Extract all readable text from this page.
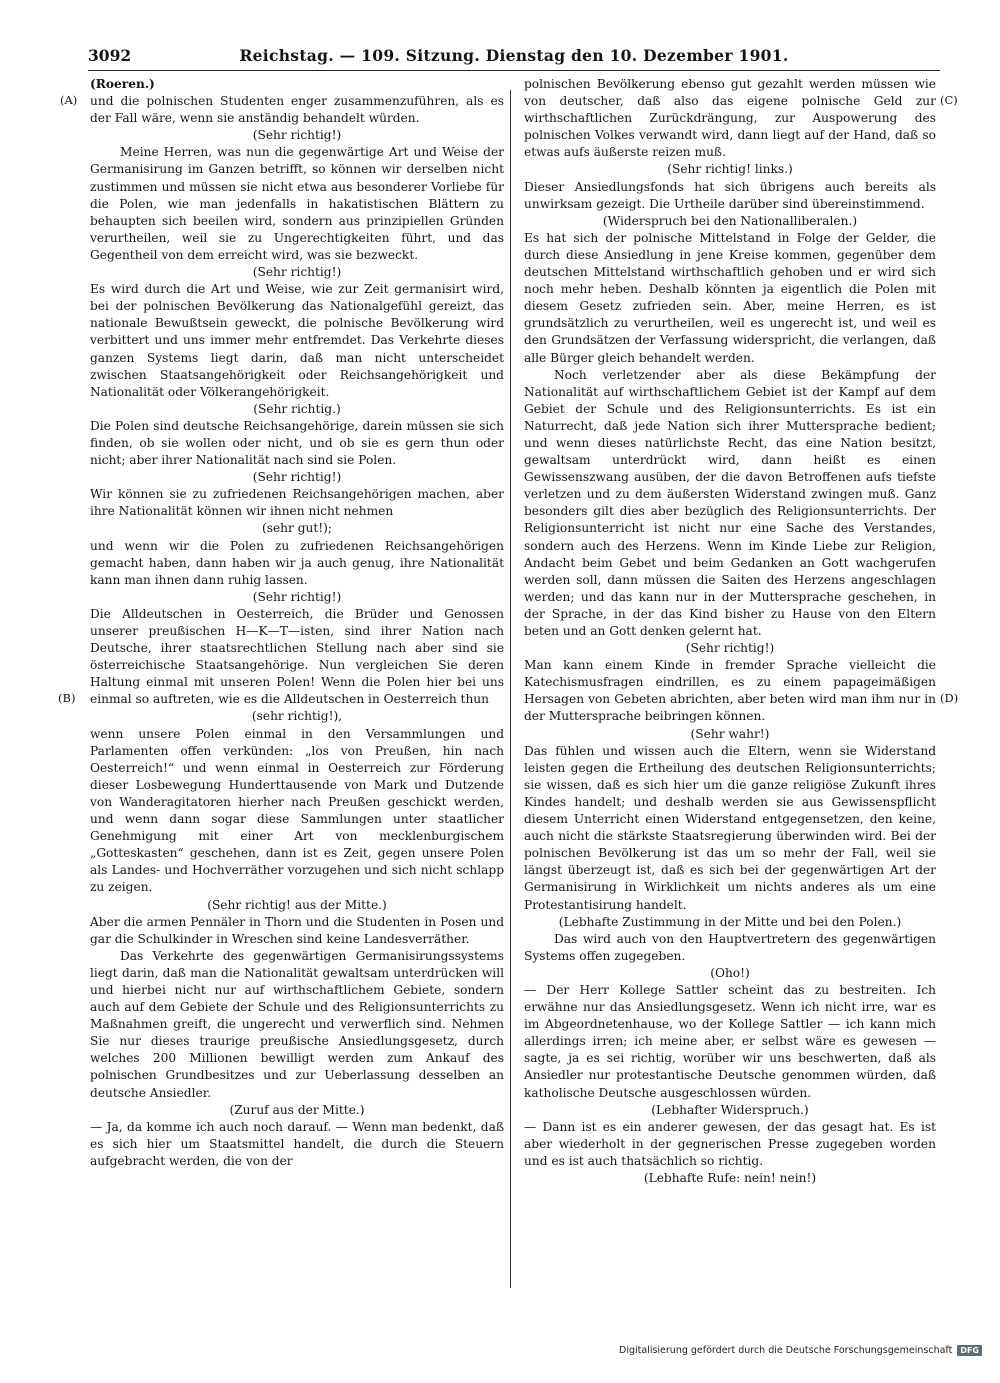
3092	Reichstag. — 109. Sitzung. Dienstag den 10. Dezember 1901.
(A)
(B)
(C)
(D)

(Roeren.)

und die polnischen Studenten enger zusammenzuführen, als es der Fall wäre, wenn sie anständig behandelt würden.

(Sehr richtig!)

Meine Herren, was nun die gegenwärtige Art und Weise der Germanisirung im Ganzen betrifft, so können wir derselben nicht zustimmen und müssen sie nicht etwa aus besonderer Vorliebe für die Polen, wie man jedenfalls in hakatistischen Blättern zu behaupten sich beeilen wird, sondern aus prinzipiellen Gründen verurtheilen, weil sie zu Ungerechtigkeiten führt, und das Gegentheil von dem erreicht wird, was sie bezweckt.

(Sehr richtig!)

Es wird durch die Art und Weise, wie zur Zeit germanisirt wird, bei der polnischen Bevölkerung das Nationalgefühl gereizt, das nationale Bewußtsein geweckt, die polnische Bevölkerung wird verbittert und uns immer mehr entfremdet. Das Verkehrte dieses ganzen Systems liegt darin, daß man nicht unterscheidet zwischen Staatsangehörigkeit oder Reichsangehörigkeit und Nationalität oder Völkerangehörigkeit.

(Sehr richtig.)

Die Polen sind deutsche Reichsangehörige, darein müssen sie sich finden, ob sie wollen oder nicht, und ob sie es gern thun oder nicht; aber ihrer Nationalität nach sind sie Polen.

(Sehr richtig!)

Wir können sie zu zufriedenen Reichsangehörigen machen, aber ihre Nationalität können wir ihnen nicht nehmen

(sehr gut!);

und wenn wir die Polen zu zufriedenen Reichsangehörigen gemacht haben, dann haben wir ja auch genug, ihre Nationalität kann man ihnen dann ruhig lassen.

(Sehr richtig!)

Die Alldeutschen in Oesterreich, die Brüder und Genossen unserer preußischen H—K—T—isten, sind ihrer Nation nach Deutsche, ihrer staatsrechtlichen Stellung nach aber sind sie österreichische Staatsangehörige. Nun vergleichen Sie deren Haltung einmal mit unseren Polen! Wenn die Polen hier bei uns einmal so auftreten, wie es die Alldeutschen in Oesterreich thun

(sehr richtig!),

wenn unsere Polen einmal in den Versammlungen und Parlamenten offen verkünden: „los von Preußen, hin nach Oesterreich!“ und wenn einmal in Oesterreich zur Förderung dieser Losbewegung Hunderttausende von Mark und Dutzende von Wanderagitatoren hierher nach Preußen geschickt werden, und wenn dann sogar diese Sammlungen unter staatlicher Genehmigung mit einer Art von mecklenburgischem „Gotteskasten“ geschehen, dann ist es Zeit, gegen unsere Polen als Landes- und Hochverräther vorzugehen und sich nicht schlapp zu zeigen.

(Sehr richtig! aus der Mitte.)

Aber die armen Pennäler in Thorn und die Studenten in Posen und gar die Schulkinder in Wreschen sind keine Landesverräther.

Das Verkehrte des gegenwärtigen Germanisirungssystems liegt darin, daß man die Nationalität gewaltsam unterdrücken will und hierbei nicht nur auf wirthschaftlichem Gebiete, sondern auch auf dem Gebiete der Schule und des Religionsunterrichts zu Maßnahmen greift, die ungerecht und verwerflich sind. Nehmen Sie nur dieses traurige preußische Ansiedlungsgesetz, durch welches 200 Millionen bewilligt werden zum Ankauf des polnischen Grundbesitzes und zur Ueberlassung desselben an deutsche Ansiedler.

(Zuruf aus der Mitte.)

— Ja, da komme ich auch noch darauf. — Wenn man bedenkt, daß es sich hier um Staatsmittel handelt, die durch die Steuern aufgebracht werden, die von der

polnischen Bevölkerung ebenso gut gezahlt werden müssen wie von deutscher, daß also das eigene polnische Geld zur wirthschaftlichen Zurückdrängung, zur Auspowerung des polnischen Volkes verwandt wird, dann liegt auf der Hand, daß so etwas aufs äußerste reizen muß.

(Sehr richtig! links.)

Dieser Ansiedlungsfonds hat sich übrigens auch bereits als unwirksam gezeigt. Die Urtheile darüber sind übereinstimmend.

(Widerspruch bei den Nationalliberalen.)

Es hat sich der polnische Mittelstand in Folge der Gelder, die durch diese Ansiedlung in jene Kreise kommen, gegenüber dem deutschen Mittelstand wirthschaftlich gehoben und er wird sich noch mehr heben. Deshalb könnten ja eigentlich die Polen mit diesem Gesetz zufrieden sein. Aber, meine Herren, es ist grundsätzlich zu verurtheilen, weil es ungerecht ist, und weil es den Grundsätzen der Verfassung widerspricht, die verlangen, daß alle Bürger gleich behandelt werden.

Noch verletzender aber als diese Bekämpfung der Nationalität auf wirthschaftlichem Gebiet ist der Kampf auf dem Gebiet der Schule und des Religionsunterrichts. Es ist ein Naturrecht, daß jede Nation sich ihrer Muttersprache bedient; und wenn dieses natürlichste Recht, das eine Nation besitzt, gewaltsam unterdrückt wird, dann heißt es einen Gewissenszwang ausüben, der die davon Betroffenen aufs tiefste verletzen und zu dem äußersten Widerstand zwingen muß. Ganz besonders gilt dies aber bezüglich des Religionsunterrichts. Der Religionsunterricht ist nicht nur eine Sache des Verstandes, sondern auch des Herzens. Wenn im Kinde Liebe zur Religion, Andacht beim Gebet und beim Gedanken an Gott wachgerufen werden soll, dann müssen die Saiten des Herzens angeschlagen werden; und das kann nur in der Muttersprache geschehen, in der Sprache, in der das Kind bisher zu Hause von den Eltern beten und an Gott denken gelernt hat.

(Sehr richtig!)

Man kann einem Kinde in fremder Sprache vielleicht die Katechismusfragen eindrillen, es zu einem papageimäßigen Hersagen von Gebeten abrichten, aber beten wird man ihm nur in der Muttersprache beibringen können.

(Sehr wahr!)

Das fühlen und wissen auch die Eltern, wenn sie Widerstand leisten gegen die Ertheilung des deutschen Religionsunterrichts; sie wissen, daß es sich hier um die ganze religiöse Zukunft ihres Kindes handelt; und deshalb werden sie aus Gewissenspflicht diesem Unterricht einen Widerstand entgegensetzen, den keine, auch nicht die stärkste Staatsregierung überwinden wird. Bei der polnischen Bevölkerung ist das um so mehr der Fall, weil sie längst überzeugt ist, daß es sich bei der gegenwärtigen Art der Germanisirung in Wirklichkeit um nichts anderes als um eine Protestantisirung handelt.

(Lebhafte Zustimmung in der Mitte und bei den Polen.)

Das wird auch von den Hauptvertretern des gegenwärtigen Systems offen zugegeben.

(Oho!)

— Der Herr Kollege Sattler scheint das zu bestreiten. Ich erwähne nur das Ansiedlungsgesetz. Wenn ich nicht irre, war es im Abgeordnetenhause, wo der Kollege Sattler — ich kann mich allerdings irren; ich meine aber, er selbst wäre es gewesen — sagte, ja es sei richtig, worüber wir uns beschwerten, daß als Ansiedler nur protestantische Deutsche genommen würden, daß katholische Deutsche ausgeschlossen würden.

(Lebhafter Widerspruch.)

— Dann ist es ein anderer gewesen, der das gesagt hat. Es ist aber wiederholt in der gegnerischen Presse zugegeben worden und es ist auch thatsächlich so richtig.

(Lebhafte Rufe: nein! nein!)

Digitalisierung gefördert durch die Deutsche Forschungsgemeinschaft	DFG
